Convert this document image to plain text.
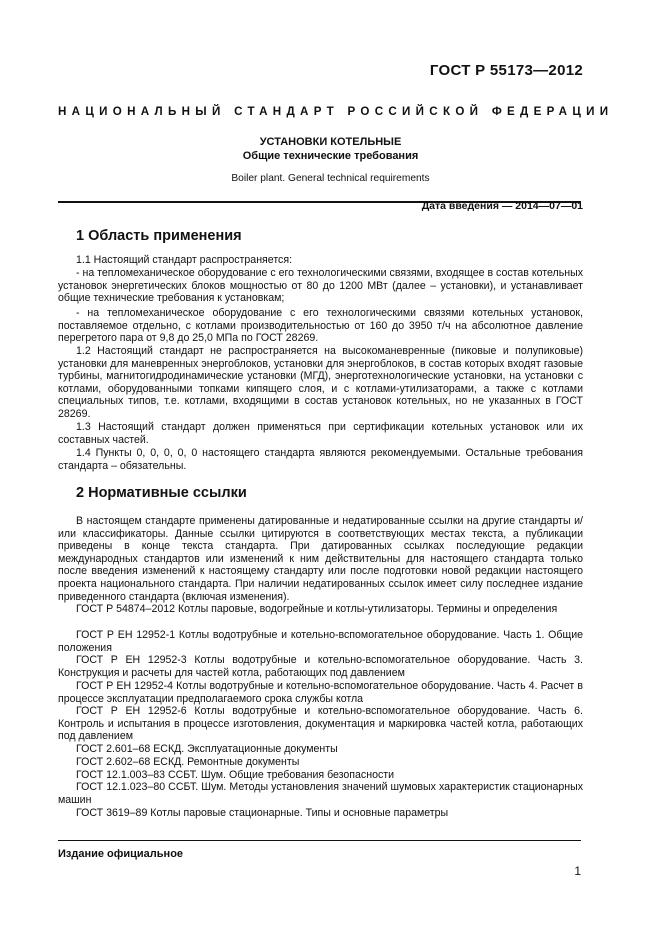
ГОСТ Р 55173—2012
НАЦИОНАЛЬНЫЙ СТАНДАРТ РОССИЙСКОЙ ФЕДЕРАЦИИ
УСТАНОВКИ КОТЕЛЬНЫЕ
Общие технические требования
Boiler plant. General technical requirements
Дата введения — 2014—07—01
1 Область применения

1.1 Настоящий стандарт распространяется:

- на тепломеханическое оборудование с его технологическими связями, входящее в состав котельных установок энергетических блоков мощностью от 80 до 1200 МВт (далее – установки), и устанавливает общие технические требования к установкам;

- на тепломеханическое оборудование с его технологическими связями котельных установок, поставляемое отдельно, с котлами производительностью от 160 до 3950 т/ч на абсолютное давление перегретого пара от 9,8 до 25,0 МПа по ГОСТ 28269.

1.2 Настоящий стандарт не распространяется на высокоманевренные (пиковые и полупиковые) установки для маневренных энергоблоков, установки для энергоблоков, в состав которых входят газовые турбины, магнитогидродинамические установки (МГД), энерготехнологические установки, на установки с котлами, оборудованными топками кипящего слоя, и с котлами-утилизаторами, а также с котлами специальных типов, т.е. котлами, входящими в состав установок котельных, но не указанных в ГОСТ 28269.

1.3 Настоящий стандарт должен применяться при сертификации котельных установок или их составных частей.

1.4 Пункты 0, 0, 0, 0, 0 настоящего стандарта являются рекомендуемыми. Остальные требования стандарта – обязательны.

2 Нормативные ссылки

В настоящем стандарте применены датированные и недатированные ссылки на другие стандарты и/или классификаторы. Данные ссылки цитируются в соответствующих местах текста, а публикации приведены в конце текста стандарта. При датированных ссылках последующие редакции международных стандартов или изменений к ним действительны для настоящего стандарта только после введения изменений к настоящему стандарту или после подготовки новой редакции настоящего проекта национального стандарта. При наличии недатированных ссылок имеет силу последнее издание приведенного стандарта (включая изменения).

ГОСТ Р 54874–2012 Котлы паровые, водогрейные и котлы-утилизаторы. Термины и определения

ГОСТ Р ЕН 12952-1 Котлы водотрубные и котельно-вспомогательное оборудование. Часть 1. Общие положения

ГОСТ Р ЕН 12952-3 Котлы водотрубные и котельно-вспомогательное оборудование. Часть 3. Конструкция и расчеты для частей котла, работающих под давлением

ГОСТ Р ЕН 12952-4 Котлы водотрубные и котельно-вспомогательное оборудование. Часть 4. Расчет в процессе эксплуатации предполагаемого срока службы котла

ГОСТ Р ЕН 12952-6 Котлы водотрубные и котельно-вспомогательное оборудование. Часть 6. Контроль и испытания в процессе изготовления, документация и маркировка частей котла, работающих под давлением

ГОСТ 2.601–68 ЕСКД. Эксплуатационные документы

ГОСТ 2.602–68 ЕСКД. Ремонтные документы

ГОСТ 12.1.003–83 ССБТ. Шум. Общие требования безопасности

ГОСТ 12.1.023–80 ССБТ. Шум. Методы установления значений шумовых характеристик стационарных машин

ГОСТ 3619–89 Котлы паровые стационарные. Типы и основные параметры

Издание официальное
1
